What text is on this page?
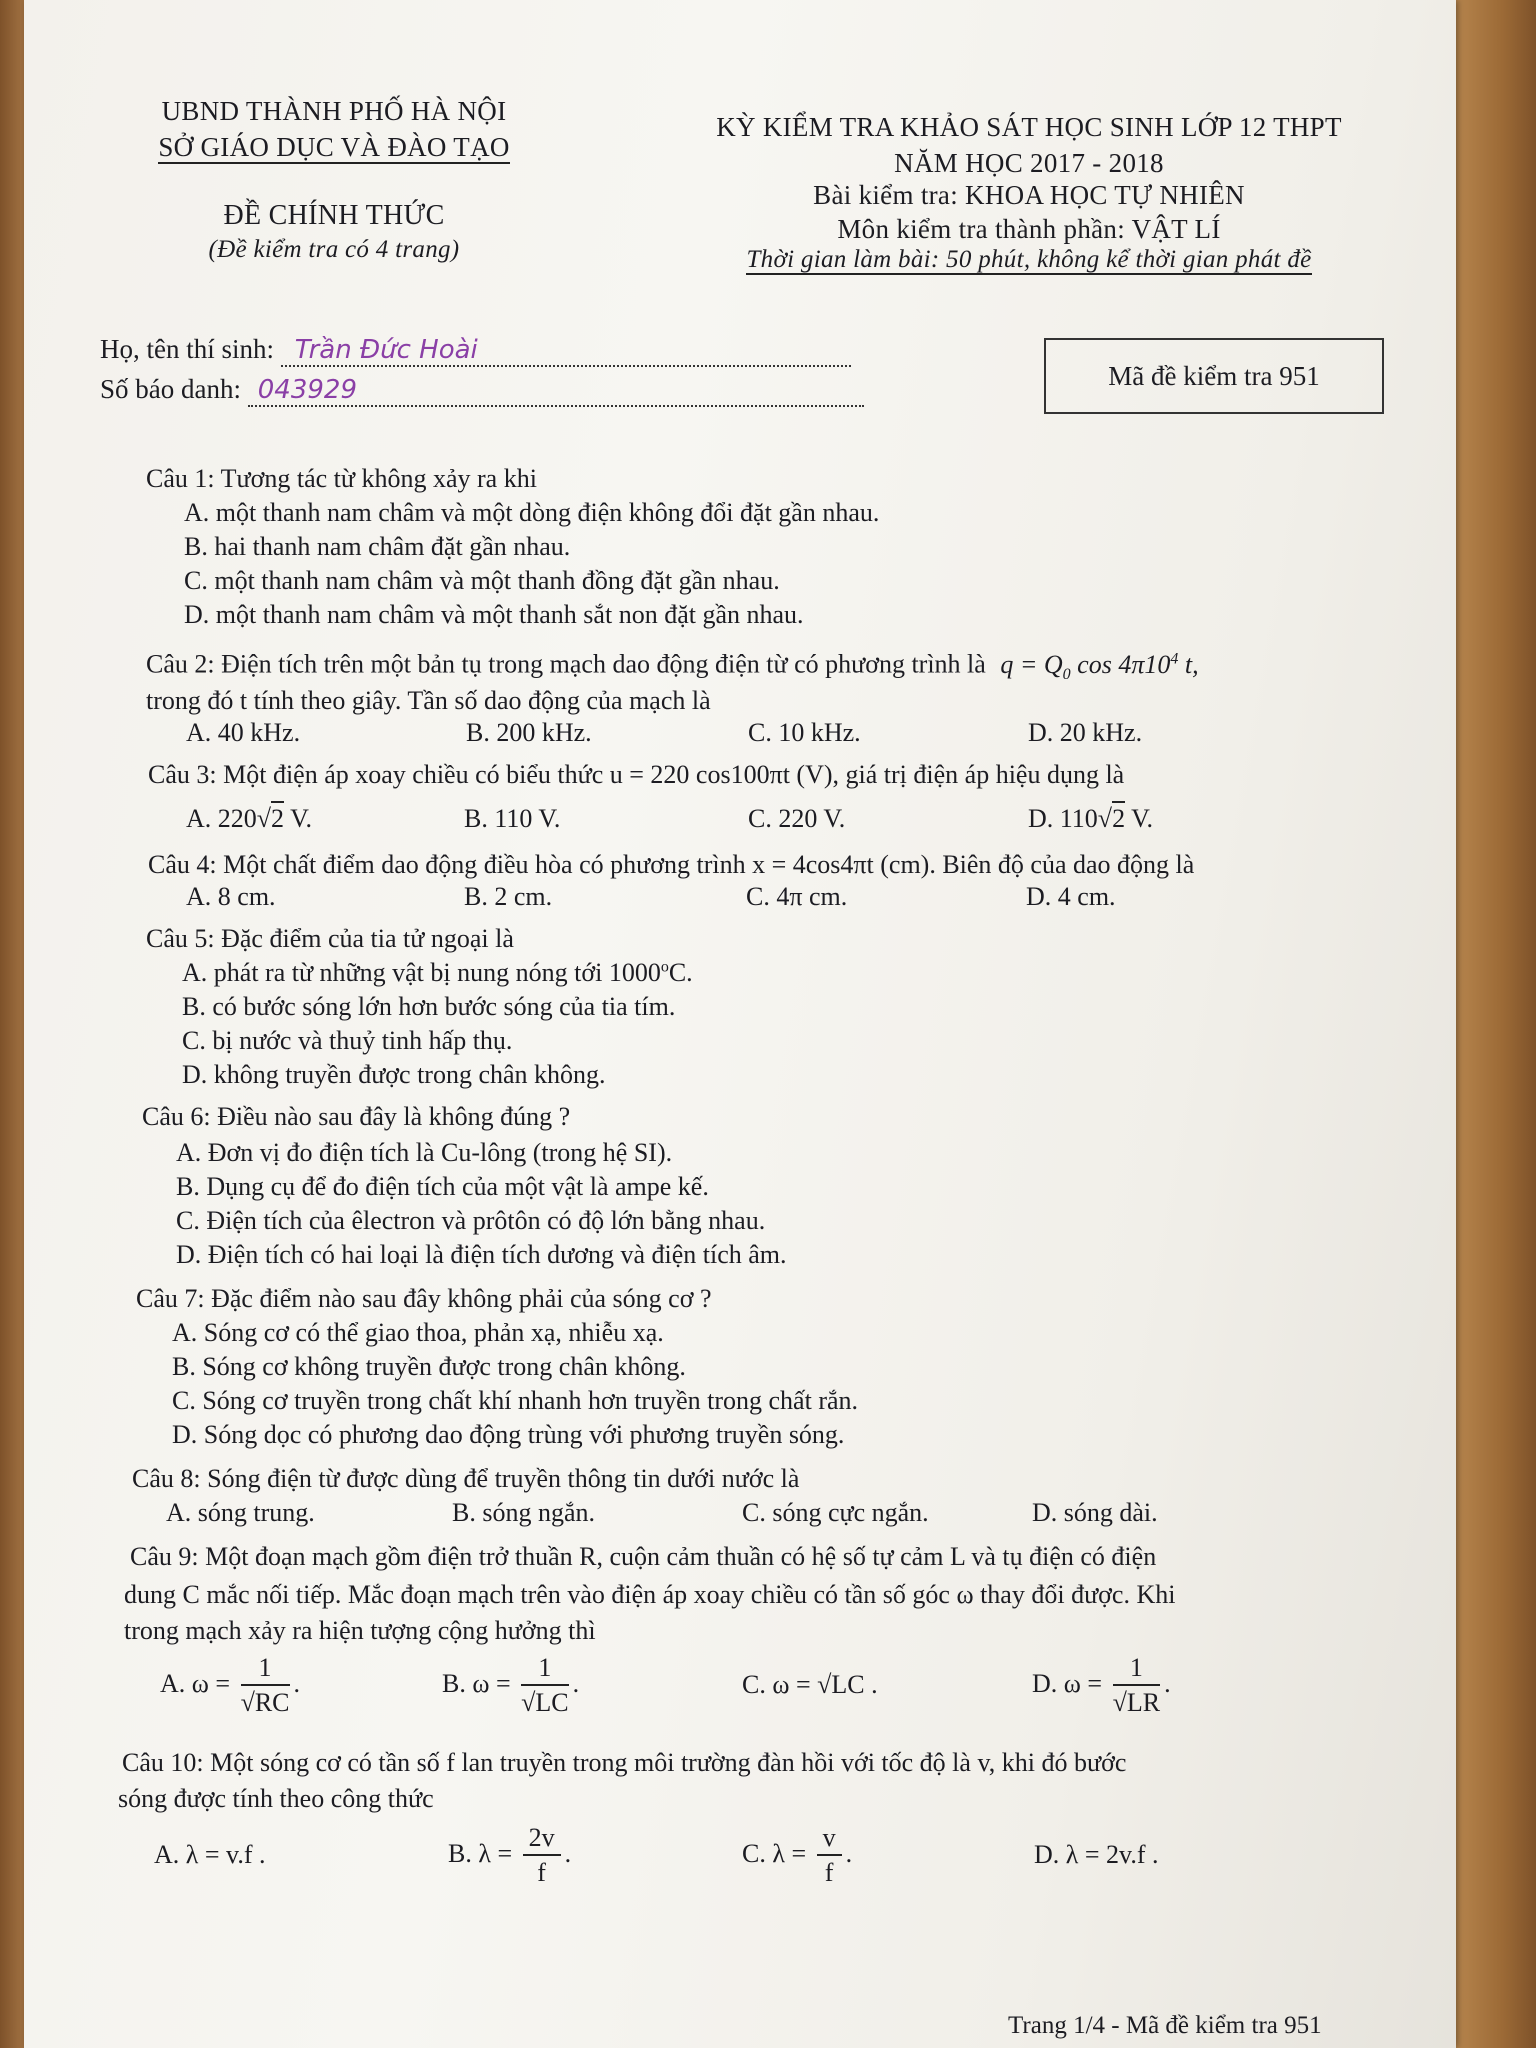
UBND THÀNH PHỐ HÀ NỘI
SỞ GIÁO DỤC VÀ ĐÀO TẠO
ĐỀ CHÍNH THỨC
(Đề kiểm tra có 4 trang)
KỲ KIỂM TRA KHẢO SÁT HỌC SINH LỚP 12 THPT
NĂM HỌC 2017 - 2018
Bài kiểm tra: KHOA HỌC TỰ NHIÊN
Môn kiểm tra thành phần: VẬT LÍ
Thời gian làm bài: 50 phút, không kể thời gian phát đề
Họ, tên thí sinh: Trần Đức Hoài
Số báo danh: 043929	Mã đề kiểm tra 951
Câu 1: Tương tác từ không xảy ra khi
A. một thanh nam châm và một dòng điện không đổi đặt gần nhau.
B. hai thanh nam châm đặt gần nhau.
C. một thanh nam châm và một thanh đồng đặt gần nhau.
D. một thanh nam châm và một thanh sắt non đặt gần nhau.
Câu 2: Điện tích trên một bản tụ trong mạch dao động điện từ có phương trình là $q = Q_0$ $\cos 4\pi 10^4$ t,
trong đó t tính theo giây. Tần số dao động của mạch là
A. 40 kHz.	B. 200 kHz.	C. 10 kHz.	D. 20 kHz.
Câu 3: Một điện áp xoay chiều có biểu thức u = 220 cos100πt (V), giá trị điện áp hiệu dụng là
A. 220√2 V.	B. 110 V.	C. 220 V.	D. 110√2 V.
Câu 4: Một chất điểm dao động điều hòa có phương trình x = 4cos4πt (cm). Biên độ của dao động là
A. 8 cm.	B. 2 cm.	C. 4π cm.	D. 4 cm.
Câu 5: Đặc điểm của tia tử ngoại là
A. phát ra từ những vật bị nung nóng tới 1000$^o$C.
B. có bước sóng lớn hơn bước sóng của tia tím.
C. bị nước và thuỷ tinh hấp thụ.
D. không truyền được trong chân không.
Câu 6: Điều nào sau đây là không đúng ?
A. Đơn vị đo điện tích là Cu-lông (trong hệ SI).
B. Dụng cụ để đo điện tích của một vật là ampe kế.
C. Điện tích của êlectron và prôtôn có độ lớn bằng nhau.
D. Điện tích có hai loại là điện tích dương và điện tích âm.
Câu 7: Đặc điểm nào sau đây không phải của sóng cơ ?
A. Sóng cơ có thể giao thoa, phản xạ, nhiễu xạ.
B. Sóng cơ không truyền được trong chân không.
C. Sóng cơ truyền trong chất khí nhanh hơn truyền trong chất rắn.
D. Sóng dọc có phương dao động trùng với phương truyền sóng.
Câu 8: Sóng điện từ được dùng để truyền thông tin dưới nước là
A. sóng trung.	B. sóng ngắn.	C. sóng cực ngắn.	D. sóng dài.
Câu 9: Một đoạn mạch gồm điện trở thuần R, cuộn cảm thuần có hệ số tự cảm L và tụ điện có điện
dung C mắc nối tiếp. Mắc đoạn mạch trên vào điện áp xoay chiều có tần số góc ω thay đổi được. Khi
trong mạch xảy ra hiện tượng cộng hưởng thì
A. $\omega = \frac{1}{√RC}$ .	B. $\omega = \frac{1}{√LC}$ .	C. ω = √LC .	D. $\omega = \frac{1}{√LR}$ .
Câu 10: Một sóng cơ có tần số f lan truyền trong môi trường đàn hồi với tốc độ là v, khi đó bước
sóng được tính theo công thức
A. λ = v.f .	B. $\lambda = \frac{2v}{f}$ .	C. $\lambda = \frac{v}{f}$ .	D. λ = 2v.f .
Trang 1/4 - Mã đề kiểm tra 951
